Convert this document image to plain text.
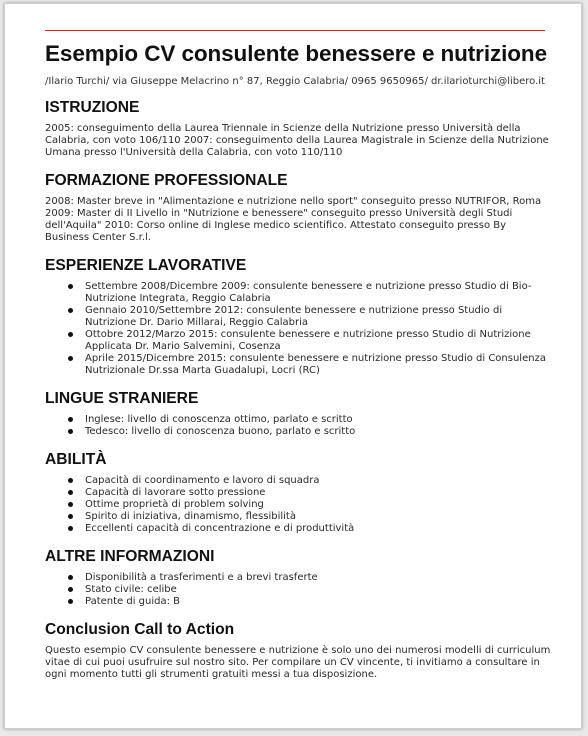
Esempio CV consulente benessere e nutrizione
/Ilario Turchi/ via Giuseppe Melacrino n° 87, Reggio Calabria/ 0965 9650965/ dr.ilarioturchi@libero.it
ISTRUZIONE
2005: conseguimento della Laurea Triennale in Scienze della Nutrizione presso Università della Calabria, con voto 106/110 2007: conseguimento della Laurea Magistrale in Scienze della Nutrizione Umana presso l'Università della Calabria, con voto 110/110
FORMAZIONE PROFESSIONALE
2008: Master breve in "Alimentazione e nutrizione nello sport" conseguito presso NUTRIFOR, Roma 2009: Master di II Livello in "Nutrizione e benessere" conseguito presso Università degli Studi dell'Aquila" 2010: Corso online di Inglese medico scientifico. Attestato conseguito presso By Business Center S.r.l.
ESPERIENZE LAVORATIVE
Settembre 2008/Dicembre 2009: consulente benessere e nutrizione presso Studio di Bio-Nutrizione Integrata, Reggio Calabria
Gennaio 2010/Settembre 2012: consulente benessere e nutrizione presso Studio di Nutrizione Dr. Dario Millarai, Reggio Calabria
Ottobre 2012/Marzo 2015: consulente benessere e nutrizione presso Studio di Nutrizione Applicata Dr. Mario Salvemini, Cosenza
Aprile 2015/Dicembre 2015: consulente benessere e nutrizione presso Studio di Consulenza Nutrizionale Dr.ssa Marta Guadalupi, Locri (RC)
LINGUE STRANIERE
Inglese: livello di conoscenza ottimo, parlato e scritto
Tedesco: livello di conoscenza buono, parlato e scritto
ABILITÀ
Capacità di coordinamento e lavoro di squadra
Capacità di lavorare sotto pressione
Ottime proprietà di problem solving
Spirito di iniziativa, dinamismo, flessibilità
Eccellenti capacità di concentrazione e di produttività
ALTRE INFORMAZIONI
Disponibilità a trasferimenti e a brevi trasferte
Stato civile: celibe
Patente di guida: B
Conclusion Call to Action
Questo esempio CV consulente benessere e nutrizione è solo uno dei numerosi modelli di curriculum vitae di cui puoi usufruire sul nostro sito. Per compilare un CV vincente, ti invitiamo a consultare in ogni momento tutti gli strumenti gratuiti messi a tua disposizione.
